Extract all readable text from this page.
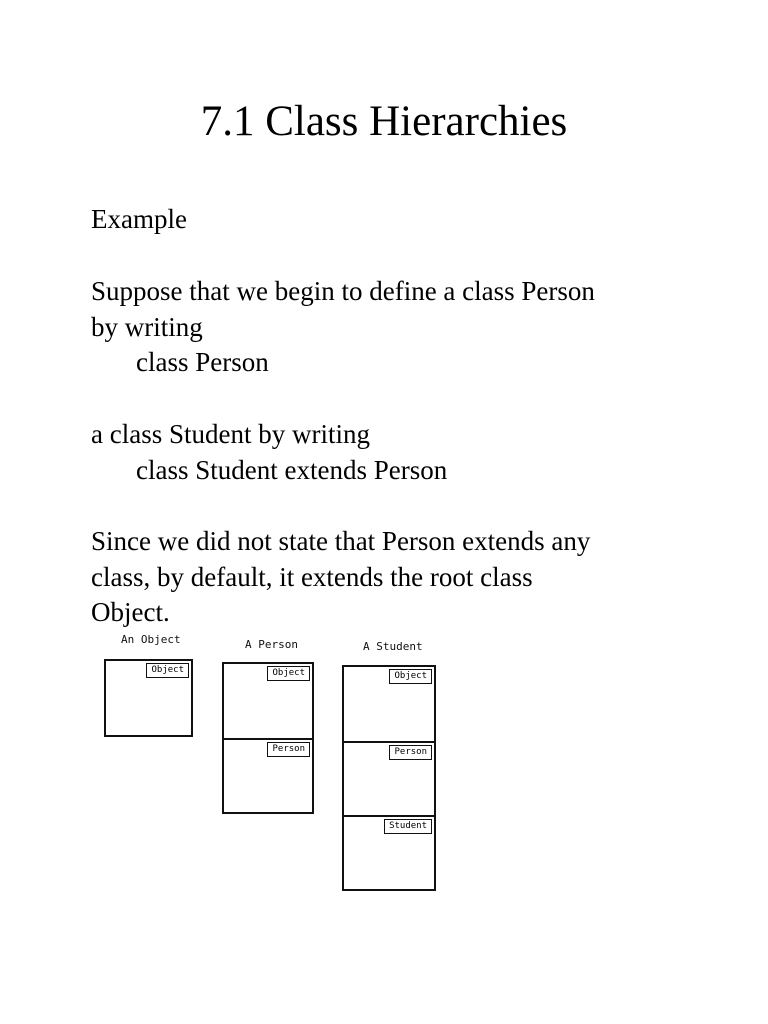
7.1 Class Hierarchies
Example
Suppose that we begin to define a class Person
by writing
class Person
a class Student by writing
class Student extends Person
Since we did not state that Person extends any
class, by default, it extends the root class
Object.
An Object
Object
A Person
Object
Person
A Student
Object
Person
Student
